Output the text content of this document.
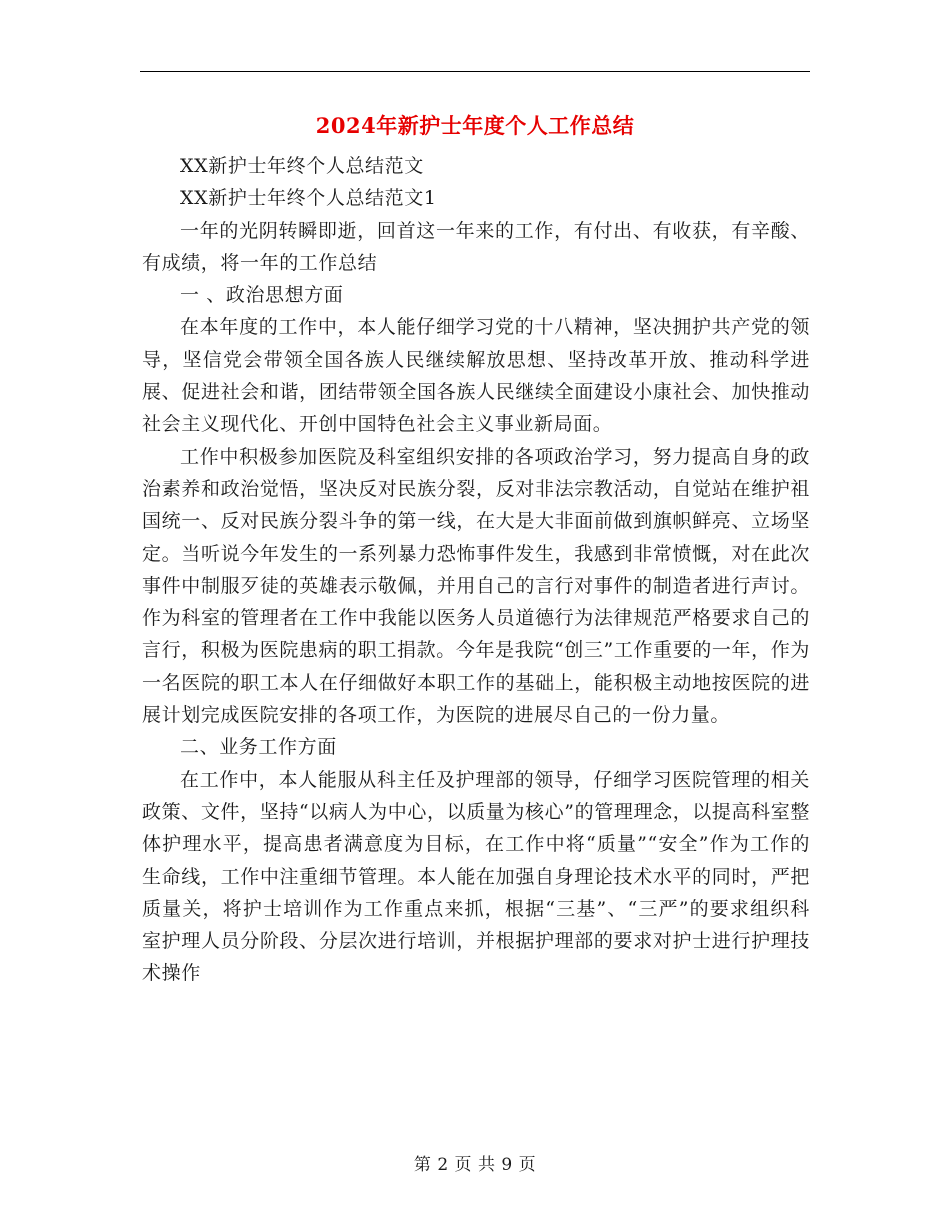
2024年新护士年度个人工作总结

XX新护士年终个人总结范文

XX新护士年终个人总结范文1

一年的光阴转瞬即逝，回首这一年来的工作，有付出、有收获，有辛酸、有成绩，将一年的工作总结

一 、政治思想方面

在本年度的工作中，本人能仔细学习党的十八精神，坚决拥护共产党的领导，坚信党会带领全国各族人民继续解放思想、坚持改革开放、推动科学进展、促进社会和谐，团结带领全国各族人民继续全面建设小康社会、加快推动社会主义现代化、开创中国特色社会主义事业新局面。

工作中积极参加医院及科室组织安排的各项政治学习，努力提高自身的政治素养和政治觉悟，坚决反对民族分裂，反对非法宗教活动，自觉站在维护祖国统一、反对民族分裂斗争的第一线，在大是大非面前做到旗帜鲜亮、立场坚定。当听说今年发生的一系列暴力恐怖事件发生，我感到非常愤慨，对在此次事件中制服歹徒的英雄表示敬佩，并用自己的言行对事件的制造者进行声讨。作为科室的管理者在工作中我能以医务人员道德行为法律规范严格要求自己的言行，积极为医院患病的职工捐款。今年是我院“创三”工作重要的一年，作为一名医院的职工本人在仔细做好本职工作的基础上，能积极主动地按医院的进展计划完成医院安排的各项工作，为医院的进展尽自己的一份力量。

二、业务工作方面

在工作中，本人能服从科主任及护理部的领导，仔细学习医院管理的相关政策、文件，坚持“以病人为中心，以质量为核心”的管理理念，以提高科室整体护理水平，提高患者满意度为目标，在工作中将“质量”“安全”作为工作的生命线，工作中注重细节管理。本人能在加强自身理论技术水平的同时，严把质量关，将护士培训作为工作重点来抓，根据“三基”、“三严”的要求组织科室护理人员分阶段、分层次进行培训，并根据护理部的要求对护士进行护理技术操作

第 2 页 共 9 页
